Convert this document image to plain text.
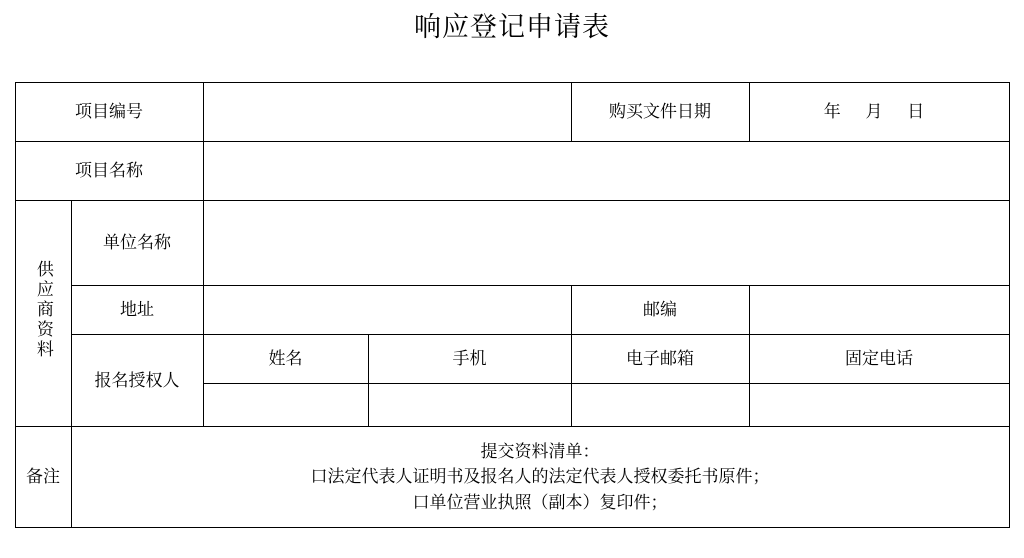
响应登记申请表
项目编号				购买文件日期	年 月 日
项目名称					
供应商资料	单位名称				
	地址			邮编	
	报名授权人	姓名	手机	电子邮箱	固定电话

备注	提交资料清单：
口法定代表人证明书及报名人的法定代表人授权委托书原件；
口单位营业执照（副本）复印件；				
